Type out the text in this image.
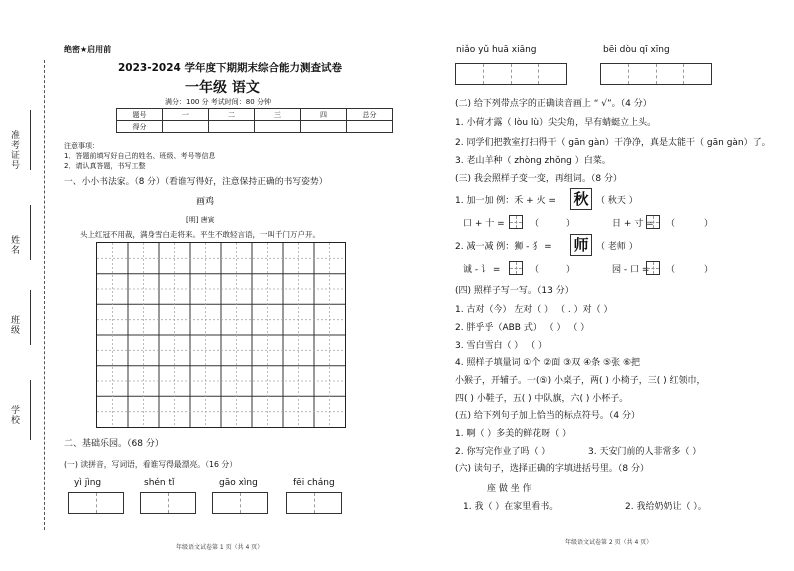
准考证号
姓名
班级
学校
绝密★启用前
2023-2024 学年度下期期末综合能力测查试卷
一年级 语文
满分：100 分 考试时间：80 分钟
题号	一	二	三	四	总分
得分					
注意事项：
1．答题前填写好自己的姓名、班级、考号等信息
2．请认真答题，书写工整
一、小小书法家。（8 分）（看谁写得好，注意保持正确的书写姿势）
画鸡
[明] 唐寅
头上红冠不用裁，满身雪白走将来。平生不敢轻言语，一叫千门万户开。
二、基础乐园。（68 分）
(一) 读拼音，写词语，看谁写得最漂亮。（16 分）
yì jìng	shén tǐ	gāo xìng	fēi cháng
年级语文试卷第 1 页（共 4 页）
niǎo yǔ huā xiāng	bēi dòu qī xīng
(二) 给下列带点字的正确读音画上 “ √”。（4 分）
1. 小荷才露（ lòu lù）尖尖角，早有蜻蜓立上头。
2. 同学们把教室打扫得干（ gān gàn）干净净，真是太能干（ gān gàn）了。
3. 老山羊种（ zhòng zhǒng ）白菜。
(三) 我会照样子变一变，再组词。（8 分）
1. 加一加 例：禾 + 火 = 秋 （ 秋天 ）
口 + 十 =	（	）	日 + 寸 = （	）
2. 减一减 例：狮 - 犭 = 师 （ 老师 ）
诚 - 讠 =	（	）	园 - 口 = （	）
(四) 照样子写一写。（13 分）
1. 古对（今） 左对（ ） （ . ）对（ ）
2. 胖乎乎（ABB 式） （ ） （ ）
3. 雪白雪白（ ） （ ）
4. 照样子填量词 ①个 ②面 ③双 ④条 ⑤张 ⑥把
小猴子，开辅子。一(⑤) 小桌子，两( ) 小椅子，三( ) 红领巾，
四( ) 小鞋子，五( ) 中队旗，六( ) 小杯子。
(五) 给下列句子加上恰当的标点符号。（4 分）
1. 啊（ ）多美的鲜花呀（ ）
2. 你写完作业了吗（ ）	3. 天安门前的人非常多（ ）
(六) 读句子，选择正确的字填进括号里。（8 分）
座 做 坐 作
1. 我（ ）在家里看书。	2. 我给奶奶让（ ）。
年级语文试卷第 2 页（共 4 页）
